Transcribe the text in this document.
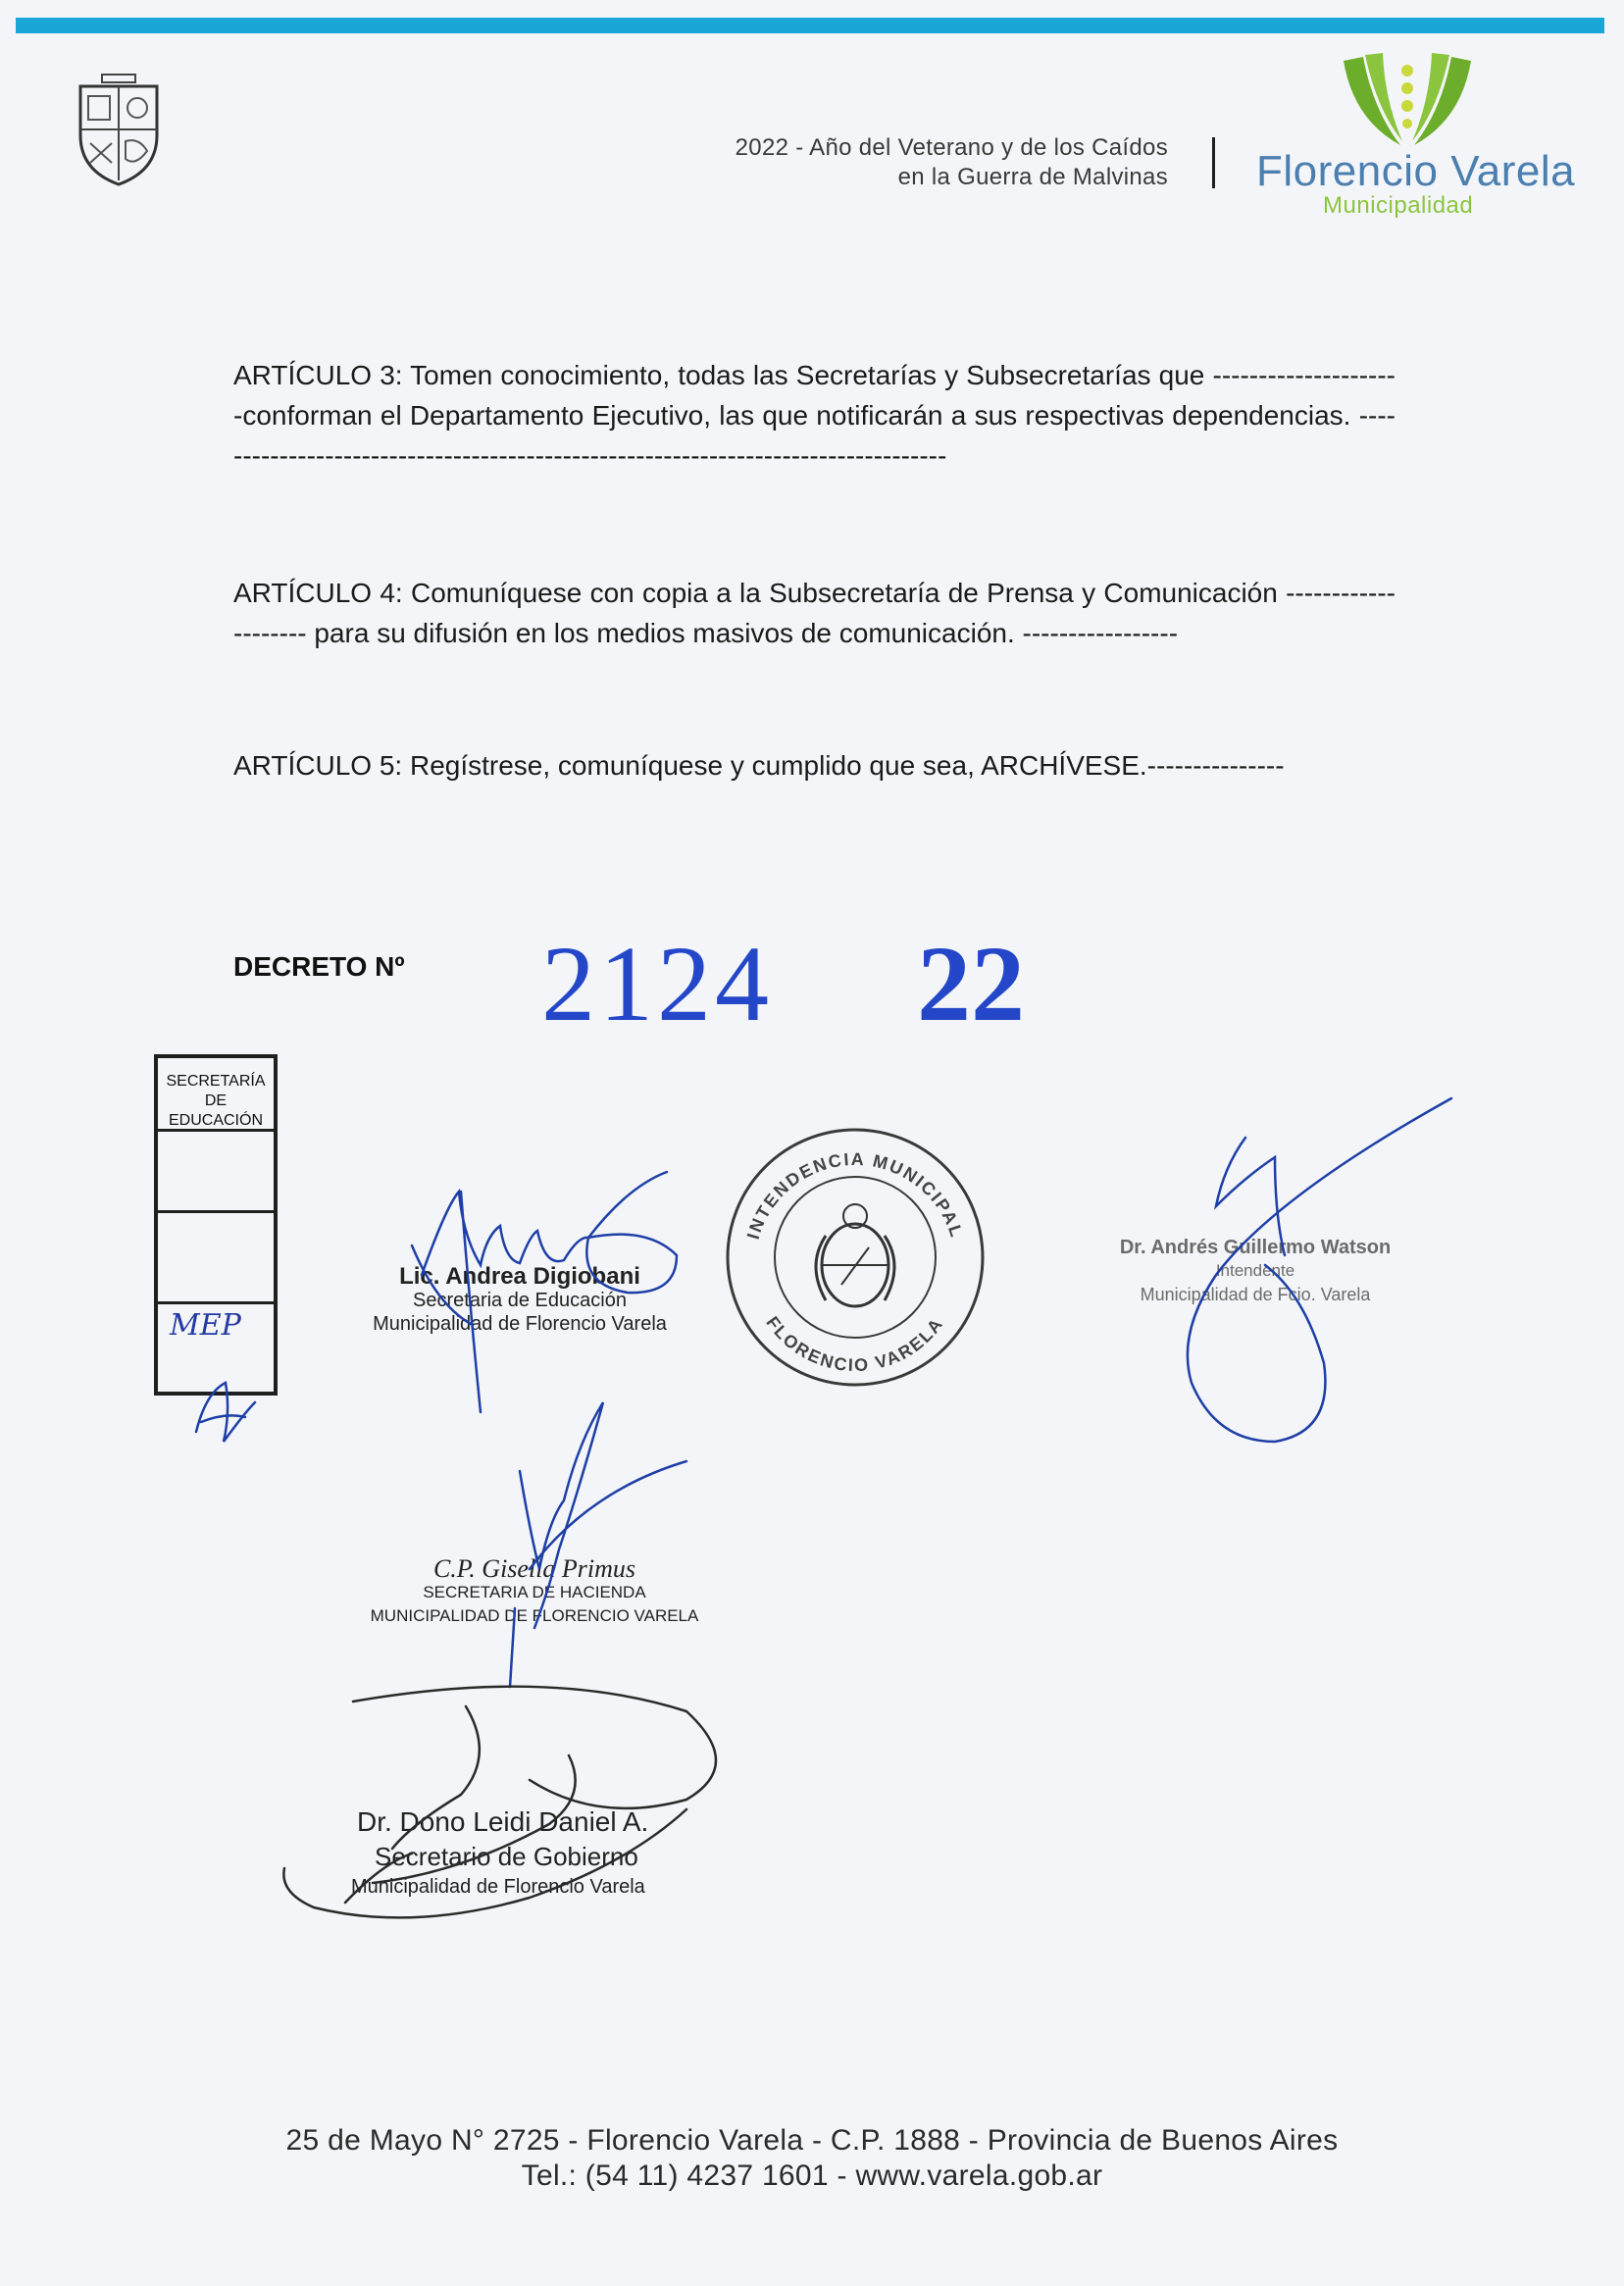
2022 - Año del Veterano y de los Caídos
en la Guerra de Malvinas Florencio Varela
Municipalidad
ARTÍCULO 3: Tomen conocimiento, todas las Secretarías y Subsecretarías que ---------------------conforman el Departamento Ejecutivo, las que notificarán a sus respectivas dependencias. ----------------------------------------------------------------------------------
ARTÍCULO 4: Comuníquese con copia a la Subsecretaría de Prensa y Comunicación -------------------- para su difusión en los medios masivos de comunicación. -----------------
ARTÍCULO 5: Regístrese, comuníquese y cumplido que sea, ARCHÍVESE.---------------
DECRETO Nº 2124 22
SECRETARÍA DE EDUCACIÓN
MEP
Lic. Andrea Digiobani
Secretaria de Educación
Municipalidad de Florencio Varela
Dr. Andrés Guillermo Watson
Intendente
Municipalidad de Fcio. Varela
C.P. Gisella Primus
SECRETARIA DE HACIENDA
MUNICIPALIDAD DE FLORENCIO VARELA
Dr. Dono Leidi Daniel A.
Secretario de Gobierno
Municipalidad de Florencio Varela
INTENDENCIA MUNICIPAL
FLORENCIO VARELA
25 de Mayo N° 2725 - Florencio Varela - C.P. 1888 - Provincia de Buenos Aires
Tel.: (54 11) 4237 1601 - www.varela.gob.ar
